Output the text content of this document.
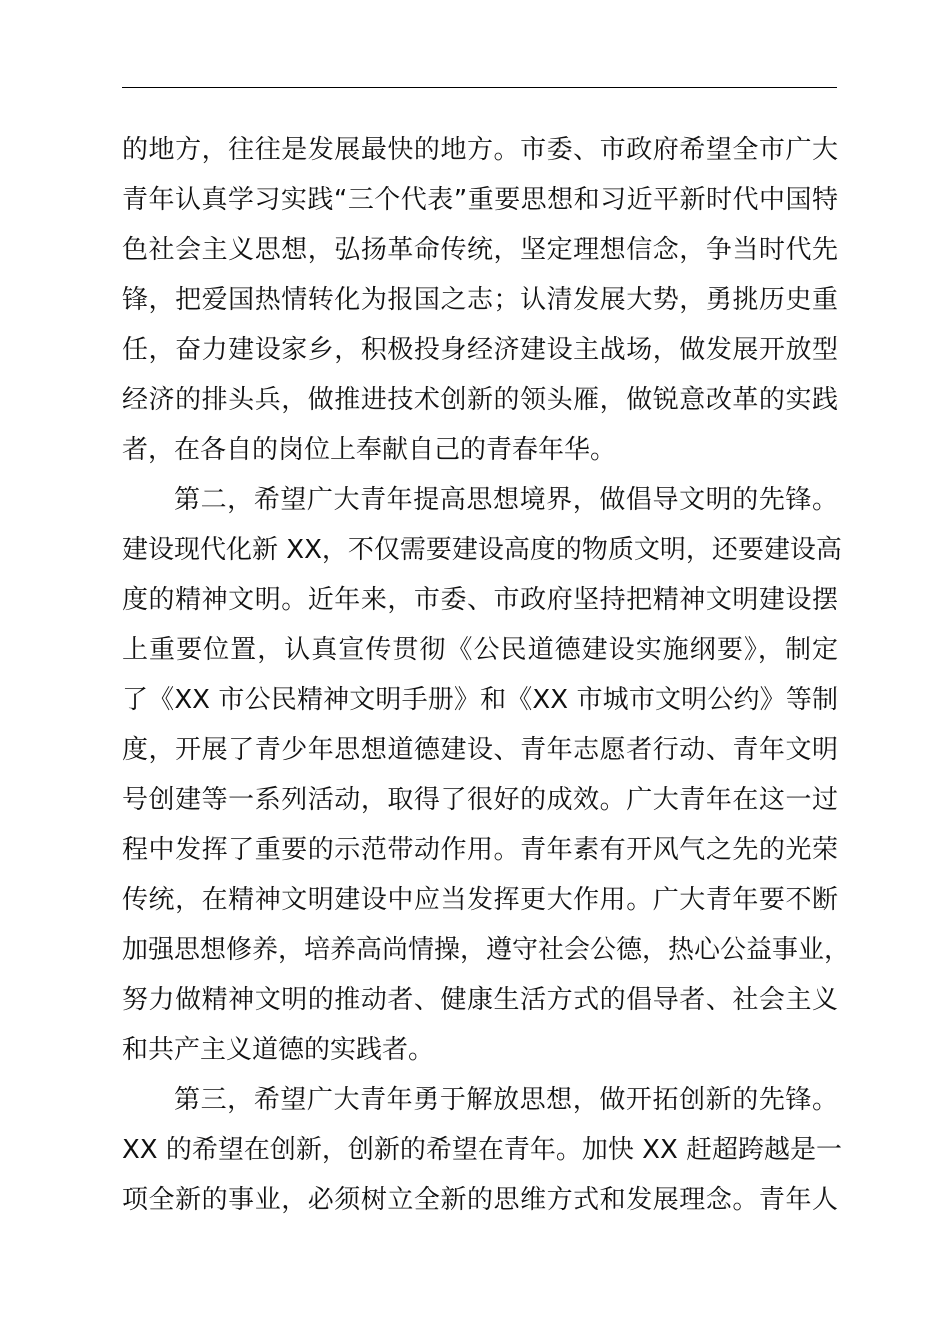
的地方，往往是发展最快的地方。市委、市政府希望全市广大
青年认真学习实践“三个代表”重要思想和习近平新时代中国特
色社会主义思想，弘扬革命传统，坚定理想信念，争当时代先
锋，把爱国热情转化为报国之志；认清发展大势，勇挑历史重
任，奋力建设家乡，积极投身经济建设主战场，做发展开放型
经济的排头兵，做推进技术创新的领头雁，做锐意改革的实践
者，在各自的岗位上奉献自己的青春年华。
第二，希望广大青年提高思想境界，做倡导文明的先锋。
建设现代化新 XX，不仅需要建设高度的物质文明，还要建设高
度的精神文明。近年来，市委、市政府坚持把精神文明建设摆
上重要位置，认真宣传贯彻《公民道德建设实施纲要》，制定
了《XX 市公民精神文明手册》和《XX 市城市文明公约》等制
度，开展了青少年思想道德建设、青年志愿者行动、青年文明
号创建等一系列活动，取得了很好的成效。广大青年在这一过
程中发挥了重要的示范带动作用。青年素有开风气之先的光荣
传统，在精神文明建设中应当发挥更大作用。广大青年要不断
加强思想修养，培养高尚情操，遵守社会公德，热心公益事业，
努力做精神文明的推动者、健康生活方式的倡导者、社会主义
和共产主义道德的实践者。
第三，希望广大青年勇于解放思想，做开拓创新的先锋。
XX 的希望在创新，创新的希望在青年。加快 XX 赶超跨越是一
项全新的事业，必须树立全新的思维方式和发展理念。青年人
